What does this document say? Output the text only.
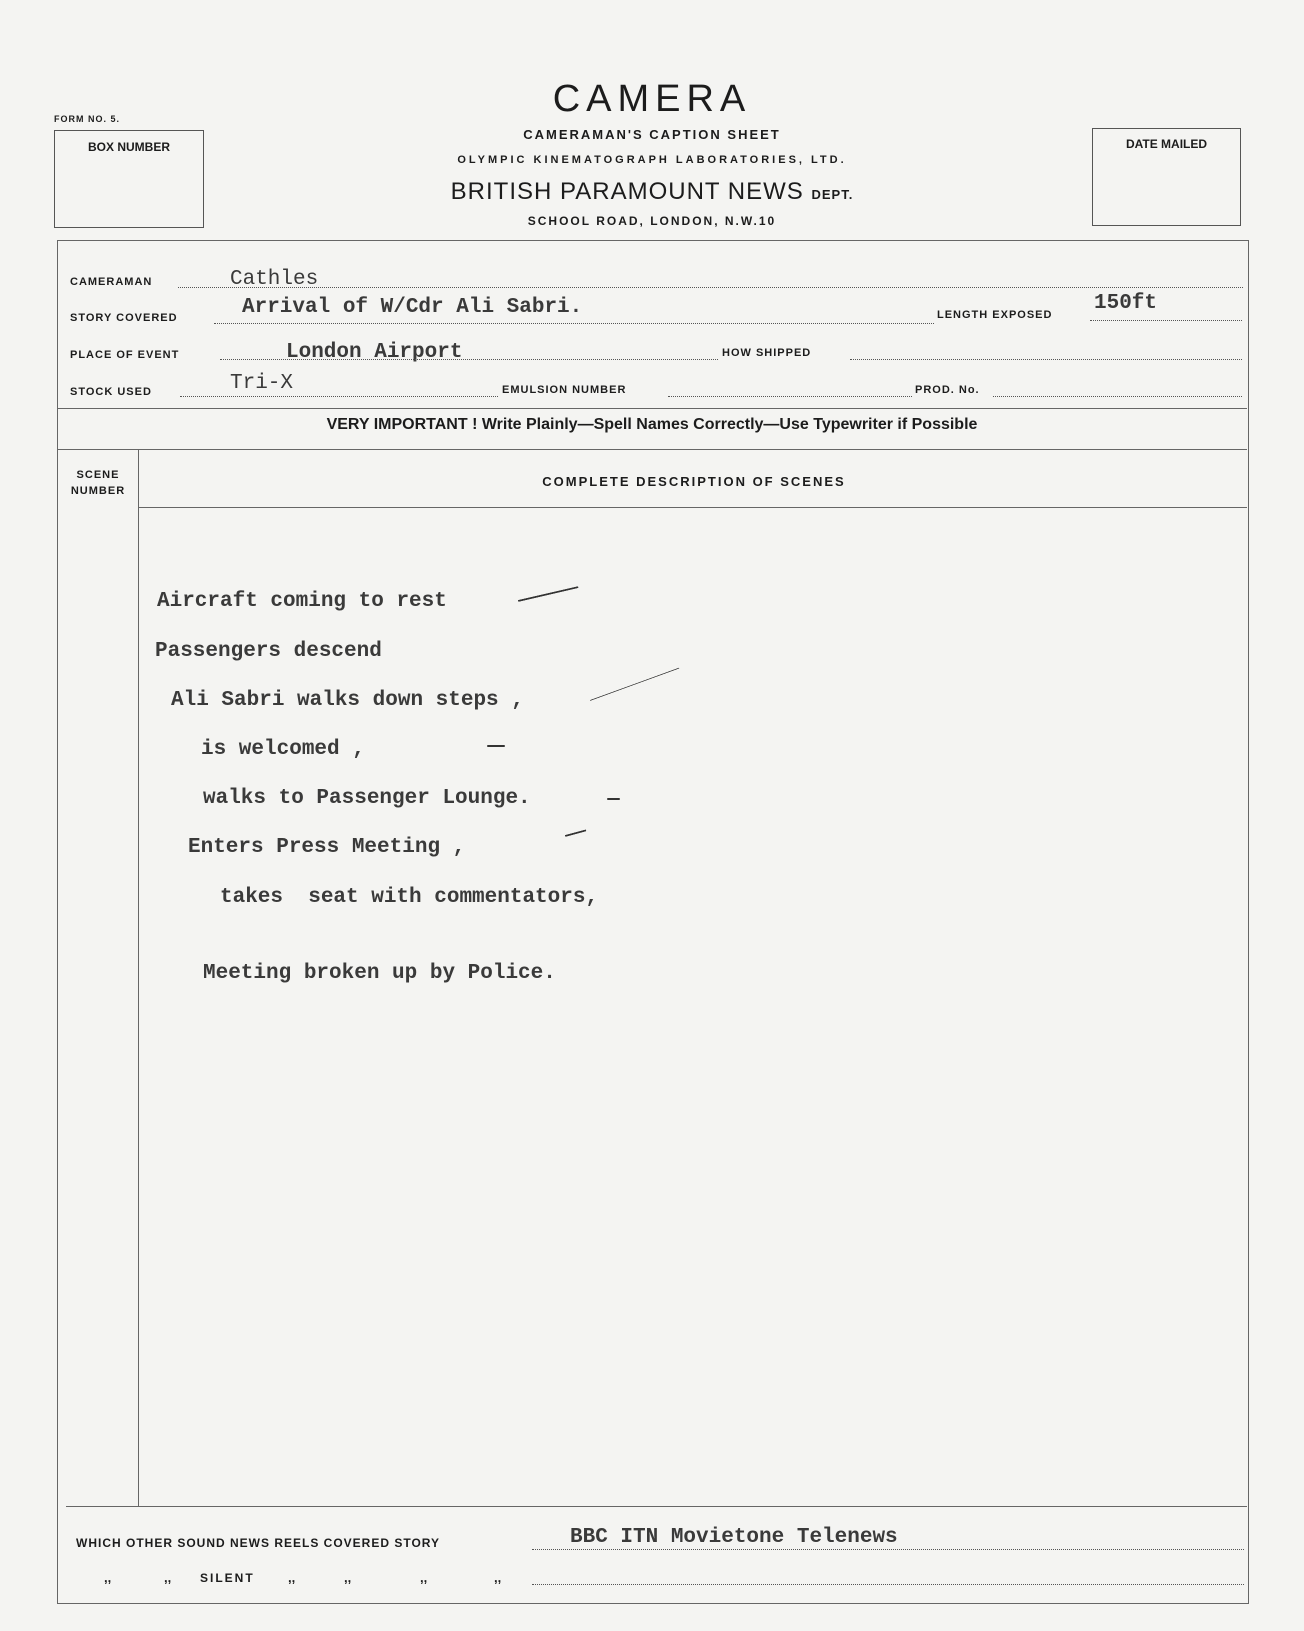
FORM NO. 5.
BOX NUMBER	DATE MAILED
CAMERA
CAMERAMAN'S CAPTION SHEET
OLYMPIC KINEMATOGRAPH LABORATORIES, LTD.
BRITISH PARAMOUNT NEWS DEPT.
SCHOOL ROAD, LONDON, N.W.10
CAMERAMAN	Cathles
STORY COVERED	Arrival of W/Cdr Ali Sabri.	LENGTH EXPOSED 150ft
PLACE OF EVENT	London Airport	HOW SHIPPED
STOCK USED	Tri-X	EMULSION NUMBER	PROD. No.
VERY IMPORTANT ! Write Plainly—Spell Names Correctly—Use Typewriter if Possible
SCENE
NUMBER
COMPLETE DESCRIPTION OF SCENES
Aircraft coming to rest
Passengers descend
Ali Sabri walks down steps ,
is welcomed ,
walks to Passenger Lounge.
Enters Press Meeting ,
takes  seat with commentators,
Meeting broken up by Police.
WHICH OTHER SOUND NEWS REELS COVERED STORY	BBC ITN Movietone Telenews
,,	,, SILENT	,,	,,	,,	,,
